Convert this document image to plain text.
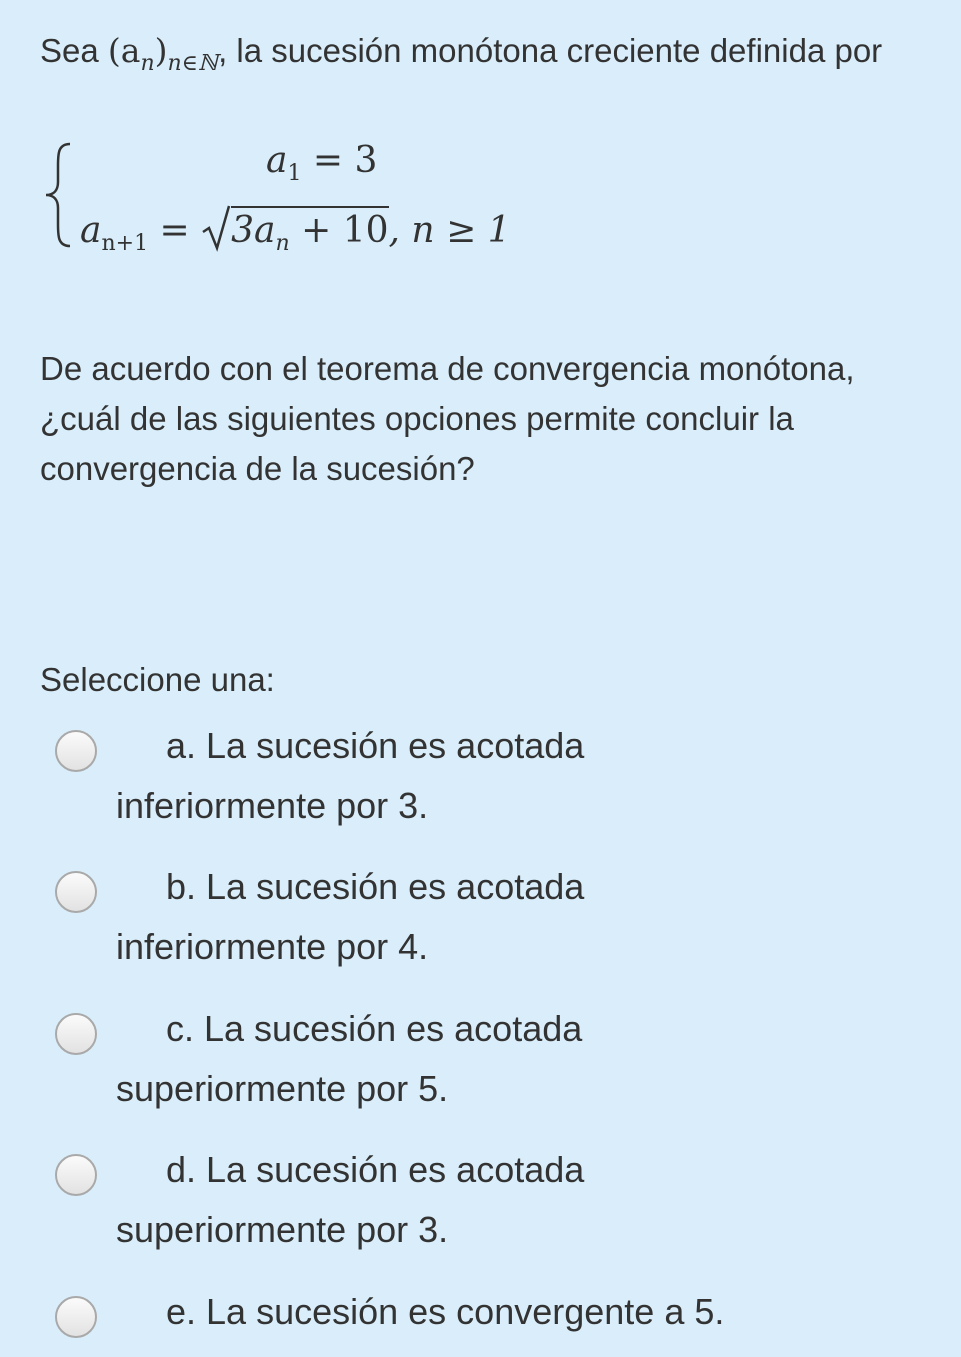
Sea $(a_n)_{n\in ℕ}$, la sucesión monótona creciente definida por
$a_1 = 3$
$a_{n+1}$ =
$3a_n + 10$, n ≥ 1
De acuerdo con el teorema de convergencia monótona, ¿cuál de las siguientes opciones permite concluir la convergencia de la sucesión?
Seleccione una:
a. La sucesión es acotada inferiormente por 3.
b. La sucesión es acotada inferiormente por 4.
c. La sucesión es acotada superiormente por 5.
d. La sucesión es acotada superiormente por 3.
e. La sucesión es convergente a 5.
